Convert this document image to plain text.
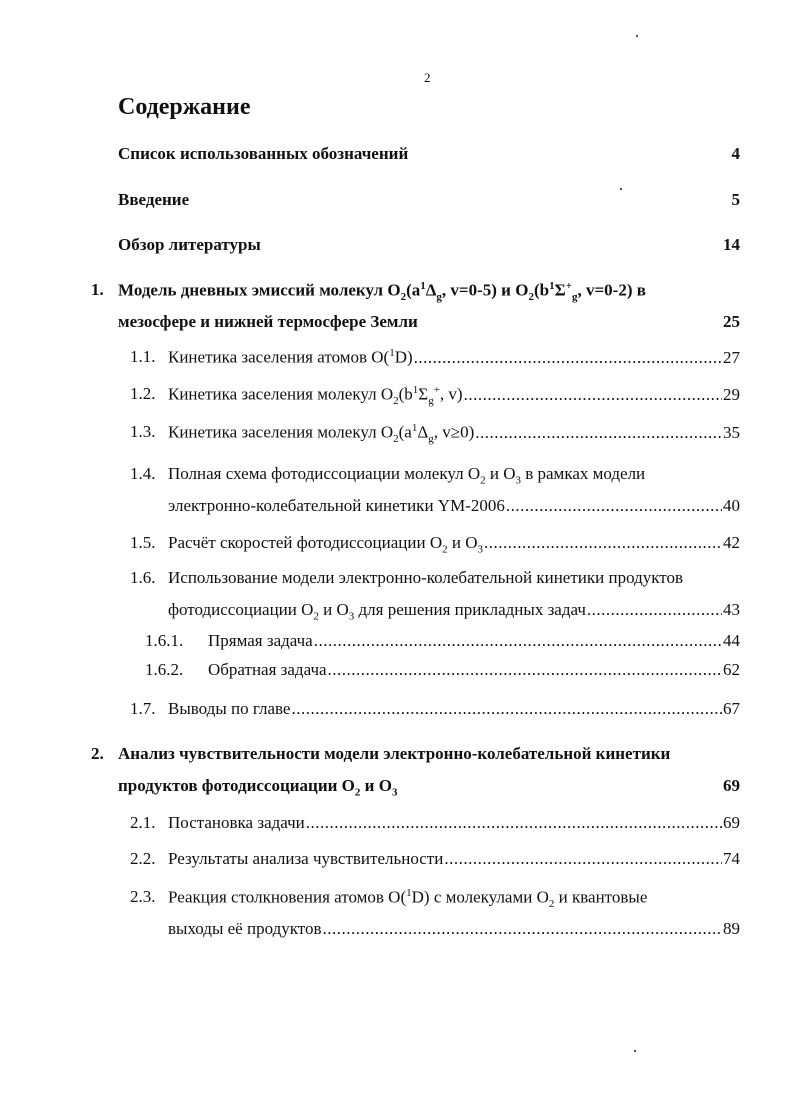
2
Содержание
Список использованных обозначений	4
Введение	5
Обзор литературы	14
1. Модель дневных эмиссий молекул $O_2(a^1\Delta_g$, v=0-5) и $O_2(b^1\Sigma^+_g$, v=0-2) в
мезосфере и нижней термосфере Земли	25
1.1. Кинетика заселения атомов O($^1$D) .....	27
1.2. Кинетика заселения молекул $O_2(b^1\Sigma_g^+$, v) .....	29
1.3. Кинетика заселения молекул $O_2(a^1\Delta_g$, v≥0) .....	35
1.4. Полная схема фотодиссоциации молекул $O_2$ и $O_3$ в рамках модели
электронно-колебательной кинетики YM-2006 .....	40
1.5. Расчёт скоростей фотодиссоциации $O_2$ и $O_3$ .....	42
1.6. Использование модели электронно-колебательной кинетики продуктов
фотодиссоциации $O_2$ и $O_3$ для решения прикладных задач .....	43
1.6.1. Прямая задача .....	44
1.6.2. Обратная задача .....	62
1.7. Выводы по главе .....	67
2. Анализ чувствительности модели электронно-колебательной кинетики
продуктов фотодиссоциации $O_2$ и $O_3$	69
2.1. Постановка задачи .....	69
2.2. Результаты анализа чувствительности .....	74
2.3. Реакция столкновения атомов O($^1$D) с молекулами $O_2$ и квантовые
выходы её продуктов .....	89
